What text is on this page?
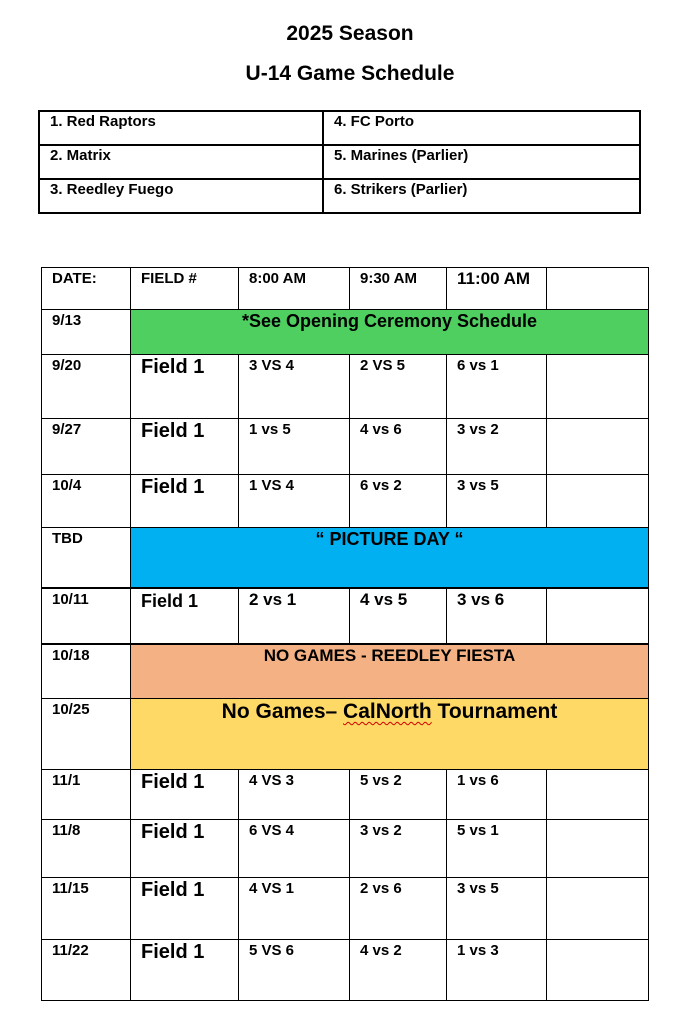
2025 Season
U-14 Game Schedule
1. Red Raptors	4. FC Porto
2. Matrix	5. Marines (Parlier)
3. Reedley Fuego	6. Strikers (Parlier)
DATE:	FIELD #	8:00 AM	9:30 AM	11:00 AM	
9/13	*See Opening Ceremony Schedule				
9/20	Field 1	3 VS 4	2 VS 5	6 vs 1	
9/27	Field 1	1 vs 5	4 vs 6	3 vs 2	
10/4	Field 1	1 VS 4	6 vs 2	3 vs 5	
TBD	“ PICTURE DAY “				
10/11	Field 1	2 vs 1	4 vs 5	3 vs 6	
10/18	NO GAMES - REEDLEY FIESTA				
10/25	No Games– CalNorth Tournament				
11/1	Field 1	4 VS 3	5 vs 2	1 vs 6	
11/8	Field 1	6 VS 4	3 vs 2	5 vs 1	
11/15	Field 1	4 VS 1	2 vs 6	3 vs 5	
11/22	Field 1	5 VS 6	4 vs 2	1 vs 3	
